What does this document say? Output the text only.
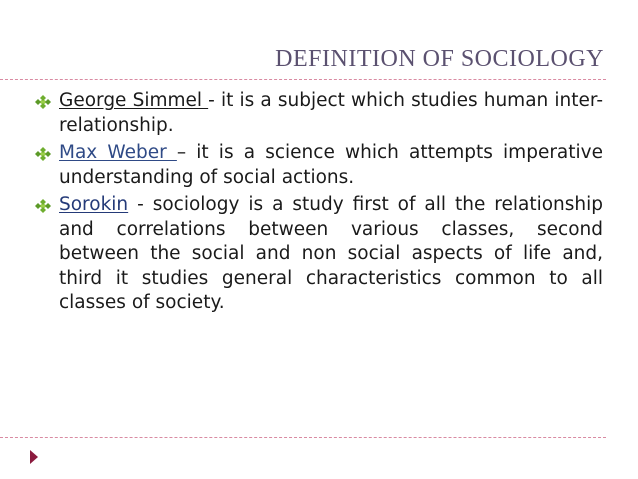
DEFINITION OF SOCIOLOGY
George Simmel - it is a subject which studies human inter-relationship.
Max Weber – it is a science which attempts imperative understanding of social actions.
Sorokin - sociology is a study first of all the relationship and correlations between various classes, second between the social and non social aspects of life and, third it studies general characteristics common to all classes of society.
